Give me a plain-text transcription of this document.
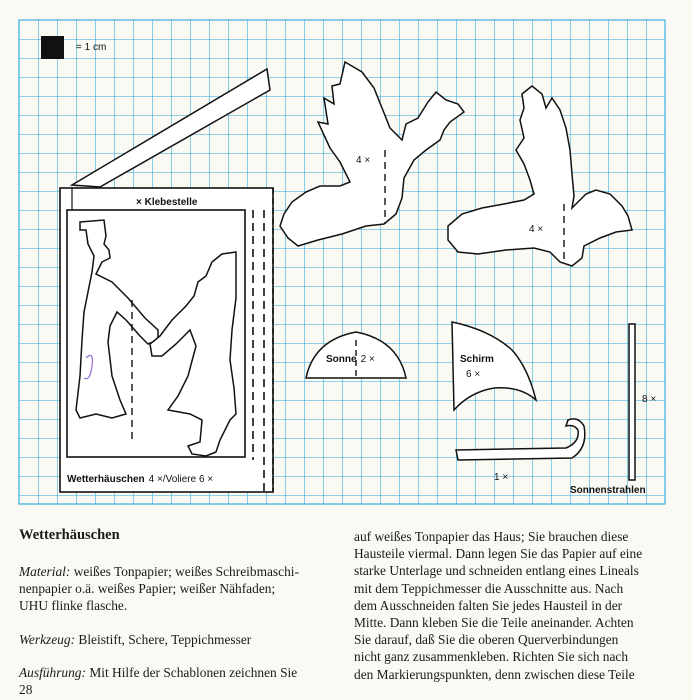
= 1 cm
× Klebestelle
Wetterhäuschen 4 ×/Voliere 6 ×
4 ×
4 ×
Sonne 2 ×	Schirm
6 ×
1 ×
8 ×
Sonnenstrahlen
Wetterhäuschen

Material: weißes Tonpapier; weißes Schreibmaschi-

nenpapier o.ä. weißes Papier; weißer Nähfaden;

UHU flinke flasche.

Werkzeug: Bleistift, Schere, Teppichmesser

Ausführung: Mit Hilfe der Schablonen zeichnen Sie

28

auf weißes Tonpapier das Haus; Sie brauchen diese

Hausteile viermal. Dann legen Sie das Papier auf eine

starke Unterlage und schneiden entlang eines Lineals

mit dem Teppichmesser die Ausschnitte aus. Nach

dem Ausschneiden falten Sie jedes Hausteil in der

Mitte. Dann kleben Sie die Teile aneinander. Achten

Sie darauf, daß Sie die oberen Querverbindungen

nicht ganz zusammenkleben. Richten Sie sich nach

den Markierungspunkten, denn zwischen diese Teile
